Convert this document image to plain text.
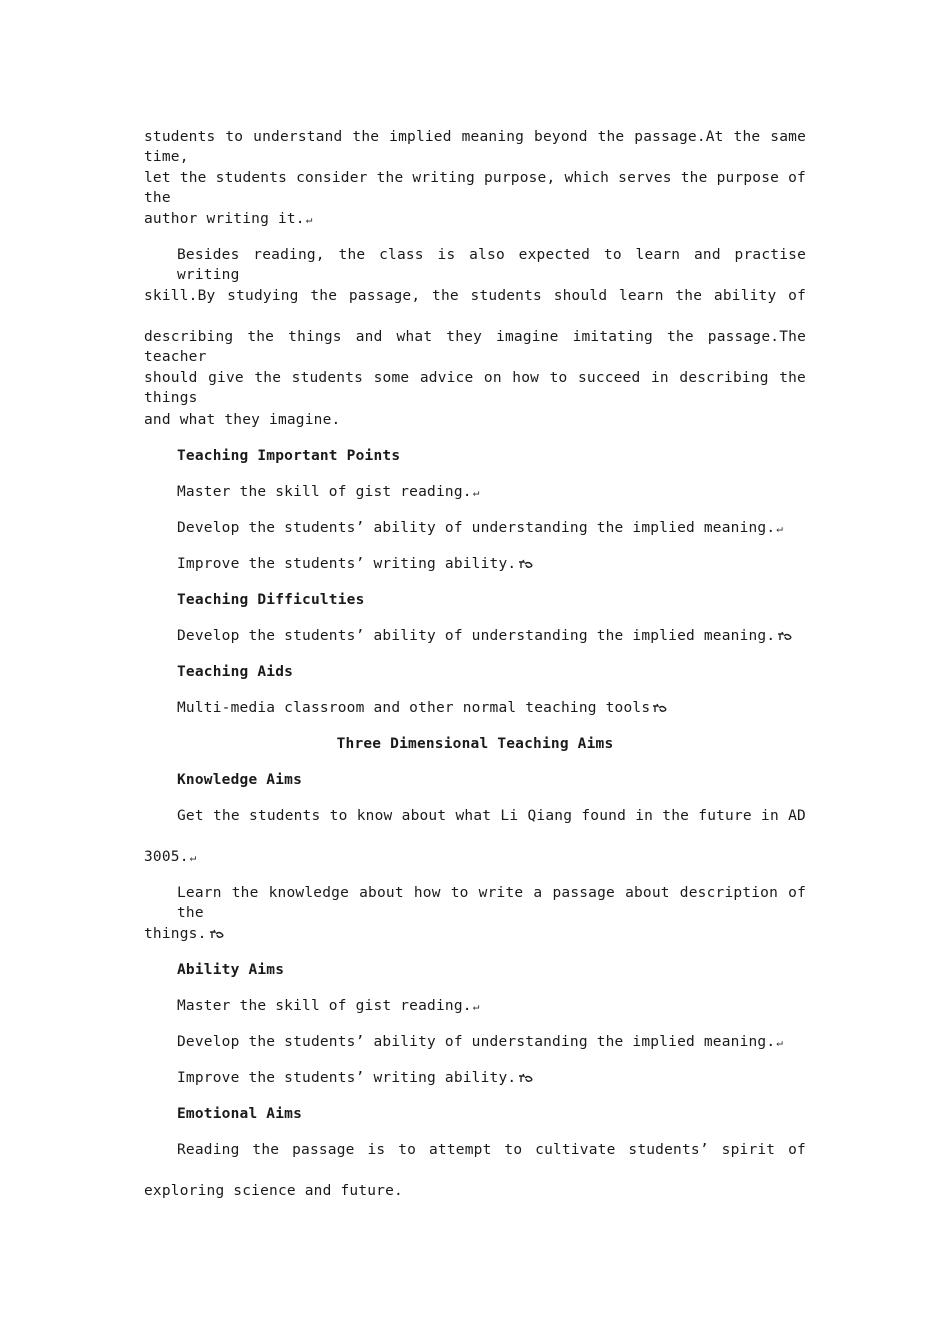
students to understand the implied meaning beyond the passage.At the same time,
let the students consider the writing purpose, which serves the purpose of the
author writing it.↵
Besides reading, the class is also expected to learn and practise writing
skill.By studying the passage, the students should learn the ability of
describing the things and what they imagine imitating the passage.The teacher
should give the students some advice on how to succeed in describing the things
and what they imagine.
Teaching Important Points
Master the skill of gist reading.↵
Develop the students’ ability of understanding the implied meaning.↵
Improve the students’ writing ability.
Teaching Difficulties
Develop the students’ ability of understanding the implied meaning.
Teaching Aids
Multi-media classroom and other normal teaching tools
Three Dimensional Teaching Aims
Knowledge Aims
Get the students to know about what Li Qiang found in the future in AD
3005.↵
Learn the knowledge about how to write a passage about description of the
things.
Ability Aims
Master the skill of gist reading.↵
Develop the students’ ability of understanding the implied meaning.↵
Improve the students’ writing ability.
Emotional Aims
Reading the passage is to attempt to cultivate students’ spirit of
exploring science and future.
